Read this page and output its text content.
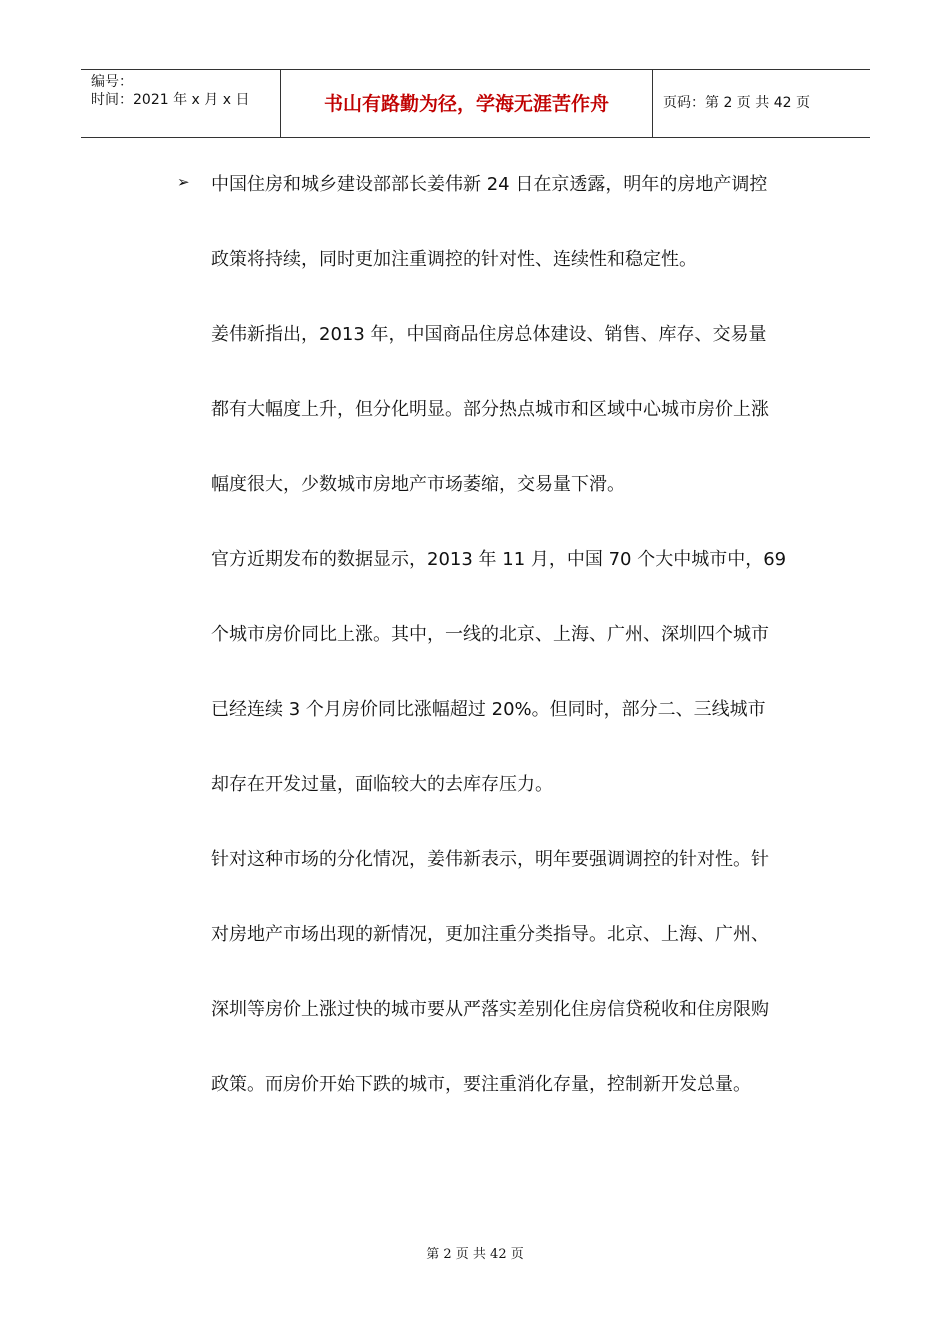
编号：
时间：2021 年 x 月 x 日	书山有路勤为径，学海无涯苦作舟	页码：第 2 页 共 42 页
➢ 中国住房和城乡建设部部长姜伟新 24 日在京透露，明年的房地产调控
政策将持续，同时更加注重调控的针对性、连续性和稳定性。
姜伟新指出，2013 年，中国商品住房总体建设、销售、库存、交易量
都有大幅度上升，但分化明显。部分热点城市和区域中心城市房价上涨
幅度很大，少数城市房地产市场萎缩，交易量下滑。
官方近期发布的数据显示，2013 年 11 月，中国 70 个大中城市中，69
个城市房价同比上涨。其中，一线的北京、上海、广州、深圳四个城市
已经连续 3 个月房价同比涨幅超过 20%。但同时，部分二、三线城市
却存在开发过量，面临较大的去库存压力。
针对这种市场的分化情况，姜伟新表示，明年要强调调控的针对性。针
对房地产市场出现的新情况，更加注重分类指导。北京、上海、广州、
深圳等房价上涨过快的城市要从严落实差别化住房信贷税收和住房限购
政策。而房价开始下跌的城市，要注重消化存量，控制新开发总量。
第 2 页 共 42 页
